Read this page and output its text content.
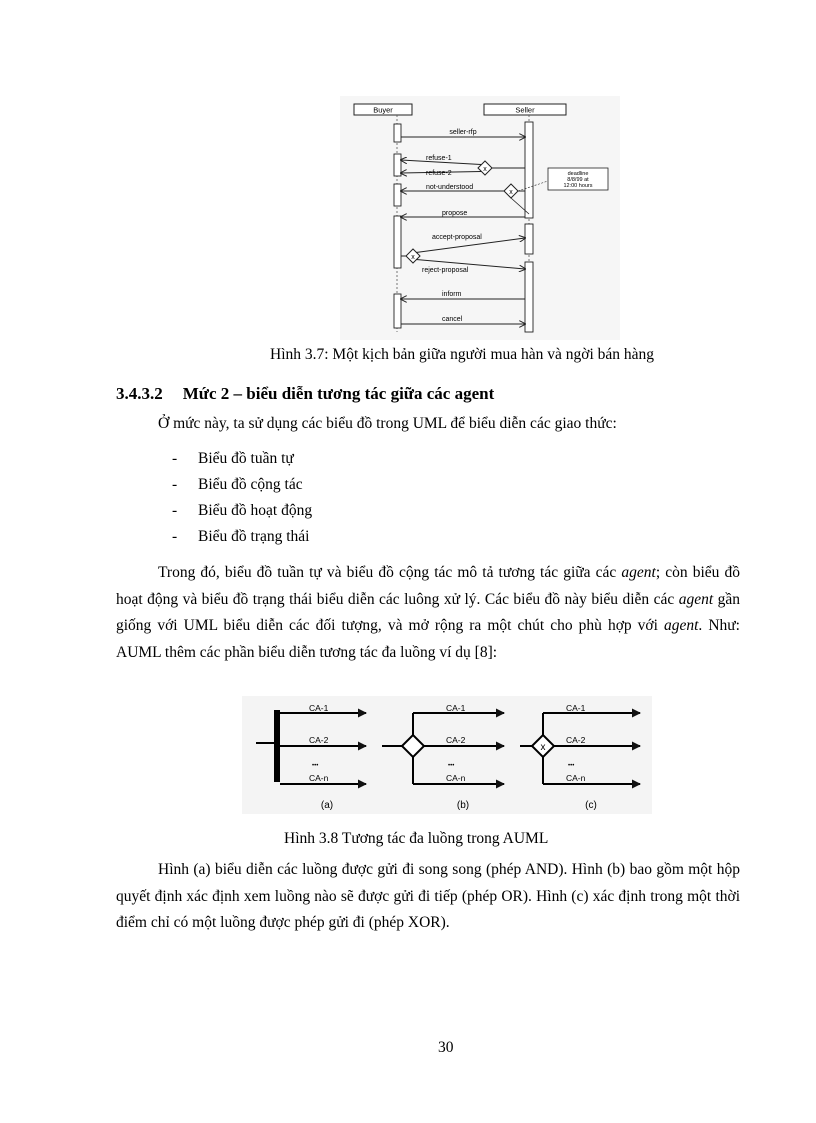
Buyer	Seller
seller-rfp
x
refuse-1
refuse-2
x
not-understood
deadline
8/8/99 at
12:00 hours
propose
x
accept-proposal
reject-proposal
inform
cancel
Hình 3.7: Một kịch bản giữa người mua hàn và ngời bán hàng
3.4.3.2 Mức 2 – biểu diễn tương tác giữa các agent
Ở mức này, ta sử dụng các biểu đồ trong UML để biểu diễn các giao thức:
- Biểu đồ tuần tự
- Biểu đồ cộng tác
- Biểu đồ hoạt động
- Biểu đồ trạng thái
Trong đó, biểu đồ tuần tự và biểu đồ cộng tác mô tả tương tác giữa các agent; còn biểu đồ hoạt động và biểu đồ trạng thái biểu diễn các luông xử lý. Các biểu đồ này biểu diễn các agent gần giống với UML biểu diễn các đối tượng, và mở rộng ra một chút cho phù hợp với agent. Như: AUML thêm các phần biểu diễn tương tác đa luồng ví dụ [8]:
CA-1
CA-2
•••
CA-n
(a)
CA-1
CA-2
•••
CA-n
(b)
x
CA-1
CA-2
•••
CA-n
(c)
Hình 3.8 Tương tác đa luồng trong AUML
Hình (a) biểu diễn các luồng được gửi đi song song (phép AND). Hình (b) bao gồm một hộp quyết định xác định xem luồng nào sẽ được gửi đi tiếp (phép OR). Hình (c) xác định trong một thời điểm chỉ có một luồng được phép gửi đi (phép XOR).
30
